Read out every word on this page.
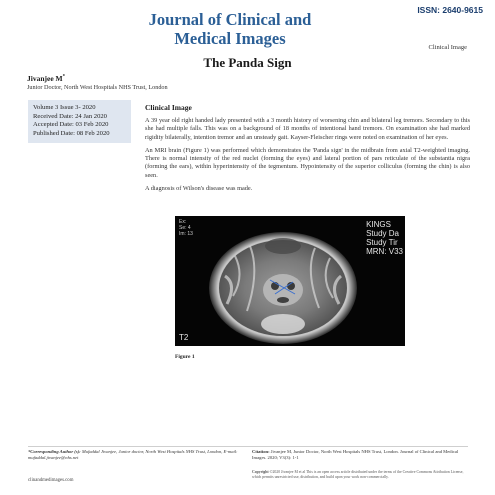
ISSN: 2640-9615
Journal of Clinical and
Medical Images	Clinical Image
The Panda Sign
Jivanjee M*
Junior Doctor, North West Hospitals NHS Trust, London
Volume 3 Issue 3- 2020
Received Date: 24 Jan 2020
Accepted Date: 03 Feb 2020
Published Date: 08 Feb 2020
Clinical Image

A 39 year old right handed lady presented with a 3 month history of worsening chin and bilateral leg tremors. Secondary to this she had multiple falls. This was on a background of 18 months of intentional hand tremors. On examination she had marked rigidity bilaterally, intention tremor and an unsteady gait. Kayser-Fleischer rings were noted on examination of her eyes.

An MRI brain (Figure 1) was performed which demonstrates the 'Panda sign' in the midbrain from axial T2-weighted imaging. There is normal intensity of the red nuclei (forming the eyes) and lateral portion of pars reticulate of the substantia nigra (forming the ears), within hyperintensity of the tegmentum. Hypointensity of the superior colliculus (forming the chin) is also seen.

A diagnosis of Wilson's disease was made.

Ex:
Se: 4
Im: 13
KINGS
Study Da
Study Tir
MRN: V33
T2
Figure 1
*Corresponding Author (s): Mufaddal Jivanjee, Junior doctor, North West Hospitals NHS Trust, London, E-mail: mufaddal.jivanjee@nhs.net
Citation: Jivanjee M, Junior Doctor, North West Hospitals NHS Trust, London. Journal of Clinical and Medical Images. 2020; V3(3): 1-1
Copyright ©2020 Jivanjee M et al This is an open access article distributed under the terms of the Creative Commons Attribution License, which permits unrestricted use, distribution, and build upon your work non-commercially.
clinandmedimages.com
